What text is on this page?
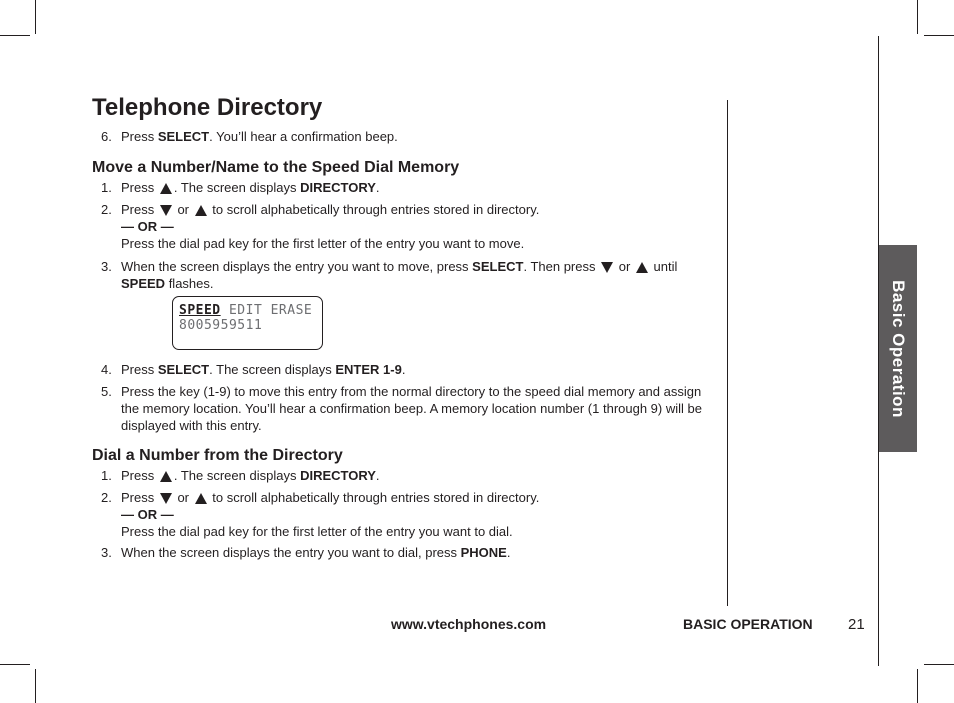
Basic Operation
Telephone Directory
6. Press SELECT. You’ll hear a confirmation beep.
Move a Number/Name to the Speed Dial Memory
1. Press . The screen displays DIRECTORY.
2. Press  or  to scroll alphabetically through entries stored in directory.
— OR —
Press the dial pad key for the first letter of the entry you want to move.
3. When the screen displays the entry you want to move, press SELECT. Then press  or  until SPEED flashes.
SPEED EDIT ERASE
8005959511
4. Press SELECT. The screen displays ENTER 1-9.
5. Press the key (1-9) to move this entry from the normal directory to the speed dial memory and assign the memory location. You’ll hear a confirmation beep. A memory location number (1 through 9) will be displayed with this entry.
Dial a Number from the Directory
1. Press . The screen displays DIRECTORY.
2. Press  or  to scroll alphabetically through entries stored in directory.
— OR —
Press the dial pad key for the first letter of the entry you want to dial.
3. When the screen displays the entry you want to dial, press PHONE.
www.vtechphones.com	BASIC OPERATION 21
